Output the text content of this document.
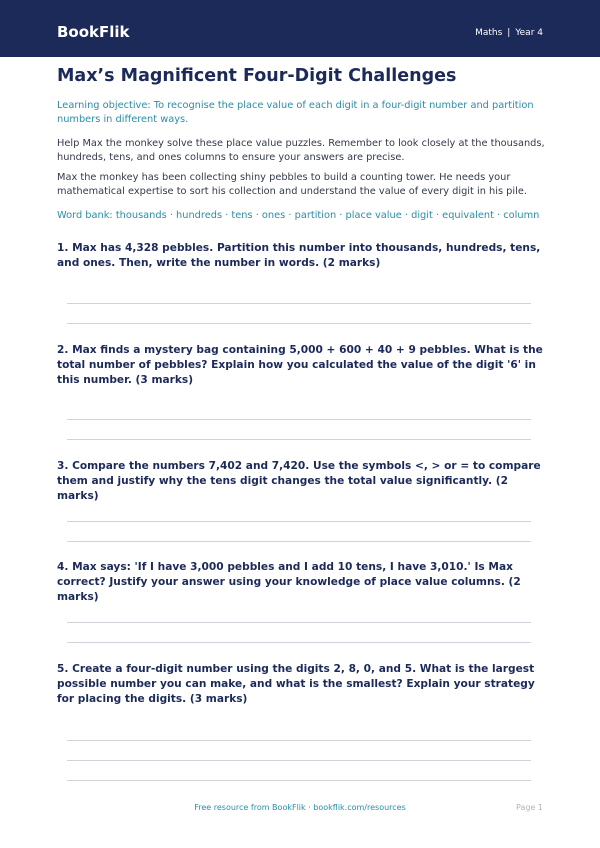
BookFlik	Maths | Year 4
Max’s Magnificent Four-Digit Challenges

Learning objective: To recognise the place value of each digit in a four-digit number and partition numbers in different ways.

Help Max the monkey solve these place value puzzles. Remember to look closely at the thousands, hundreds, tens, and ones columns to ensure your answers are precise.

Max the monkey has been collecting shiny pebbles to build a counting tower. He needs your mathematical expertise to sort his collection and understand the value of every digit in his pile.

Word bank: thousands · hundreds · tens · ones · partition · place value · digit · equivalent · column

1. Max has 4,328 pebbles. Partition this number into thousands, hundreds, tens, and ones. Then, write the number in words. (2 marks)

2. Max finds a mystery bag containing 5,000 + 600 + 40 + 9 pebbles. What is the total number of pebbles? Explain how you calculated the value of the digit '6' in this number. (3 marks)

3. Compare the numbers 7,402 and 7,420. Use the symbols <, > or = to compare them and justify why the tens digit changes the total value significantly. (2 marks)

4. Max says: 'If I have 3,000 pebbles and I add 10 tens, I have 3,010.' Is Max correct? Justify your answer using your knowledge of place value columns. (2 marks)

5. Create a four-digit number using the digits 2, 8, 0, and 5. What is the largest possible number you can make, and what is the smallest? Explain your strategy for placing the digits. (3 marks)

Free resource from BookFlik · bookflik.com/resources	Page 1
